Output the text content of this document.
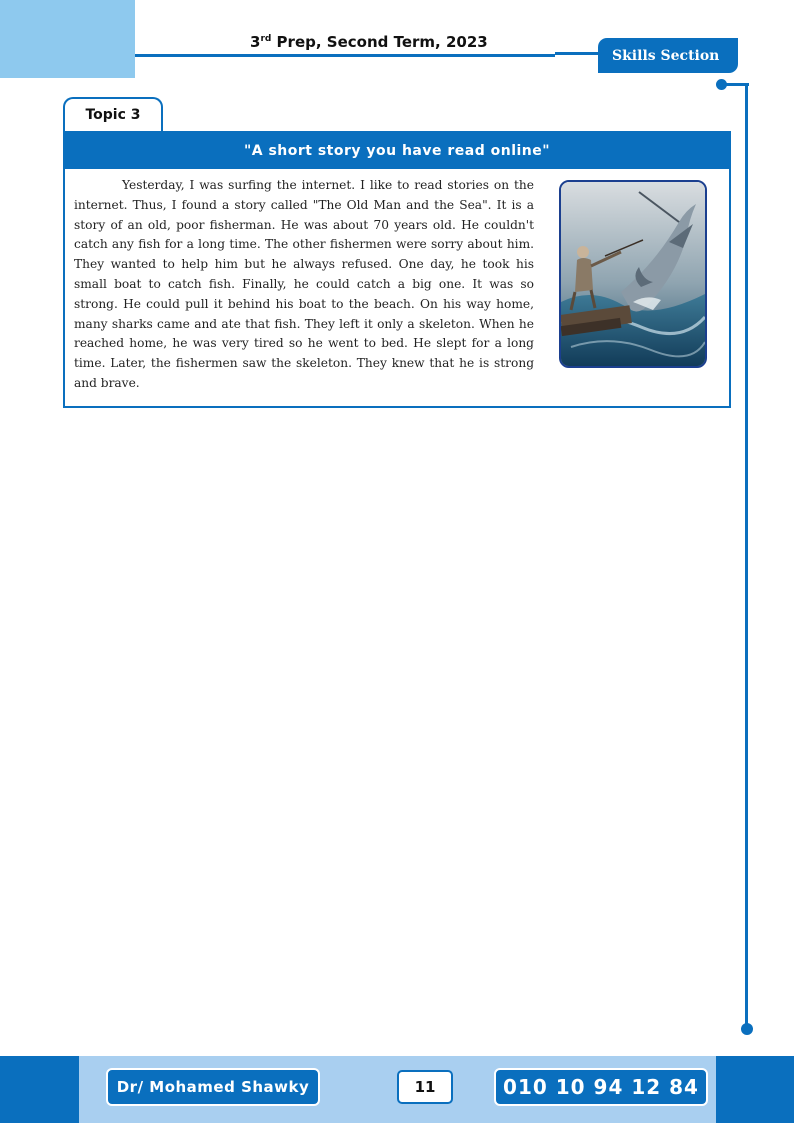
3rd Prep, Second Term, 2023
Skills Section
Topic 3
"A short story you have read online"

Yesterday, I was surfing the internet. I like to read stories on the internet. Thus, I found a story called "The Old Man and the Sea". It is a story of an old, poor fisherman. He was about 70 years old. He couldn't catch any fish for a long time. The other fishermen were sorry about him. They wanted to help him but he always refused. One day, he took his small boat to catch fish. Finally, he could catch a big one. It was so strong. He could pull it behind his boat to the beach. On his way home, many sharks came and ate that fish. They left it only a skeleton. When he reached home, he was very tired so he went to bed. He slept for a long time. Later, the fishermen saw the skeleton. They knew that he is strong and brave.

Dr/ Mohamed Shawky	11	010 10 94 12 84
